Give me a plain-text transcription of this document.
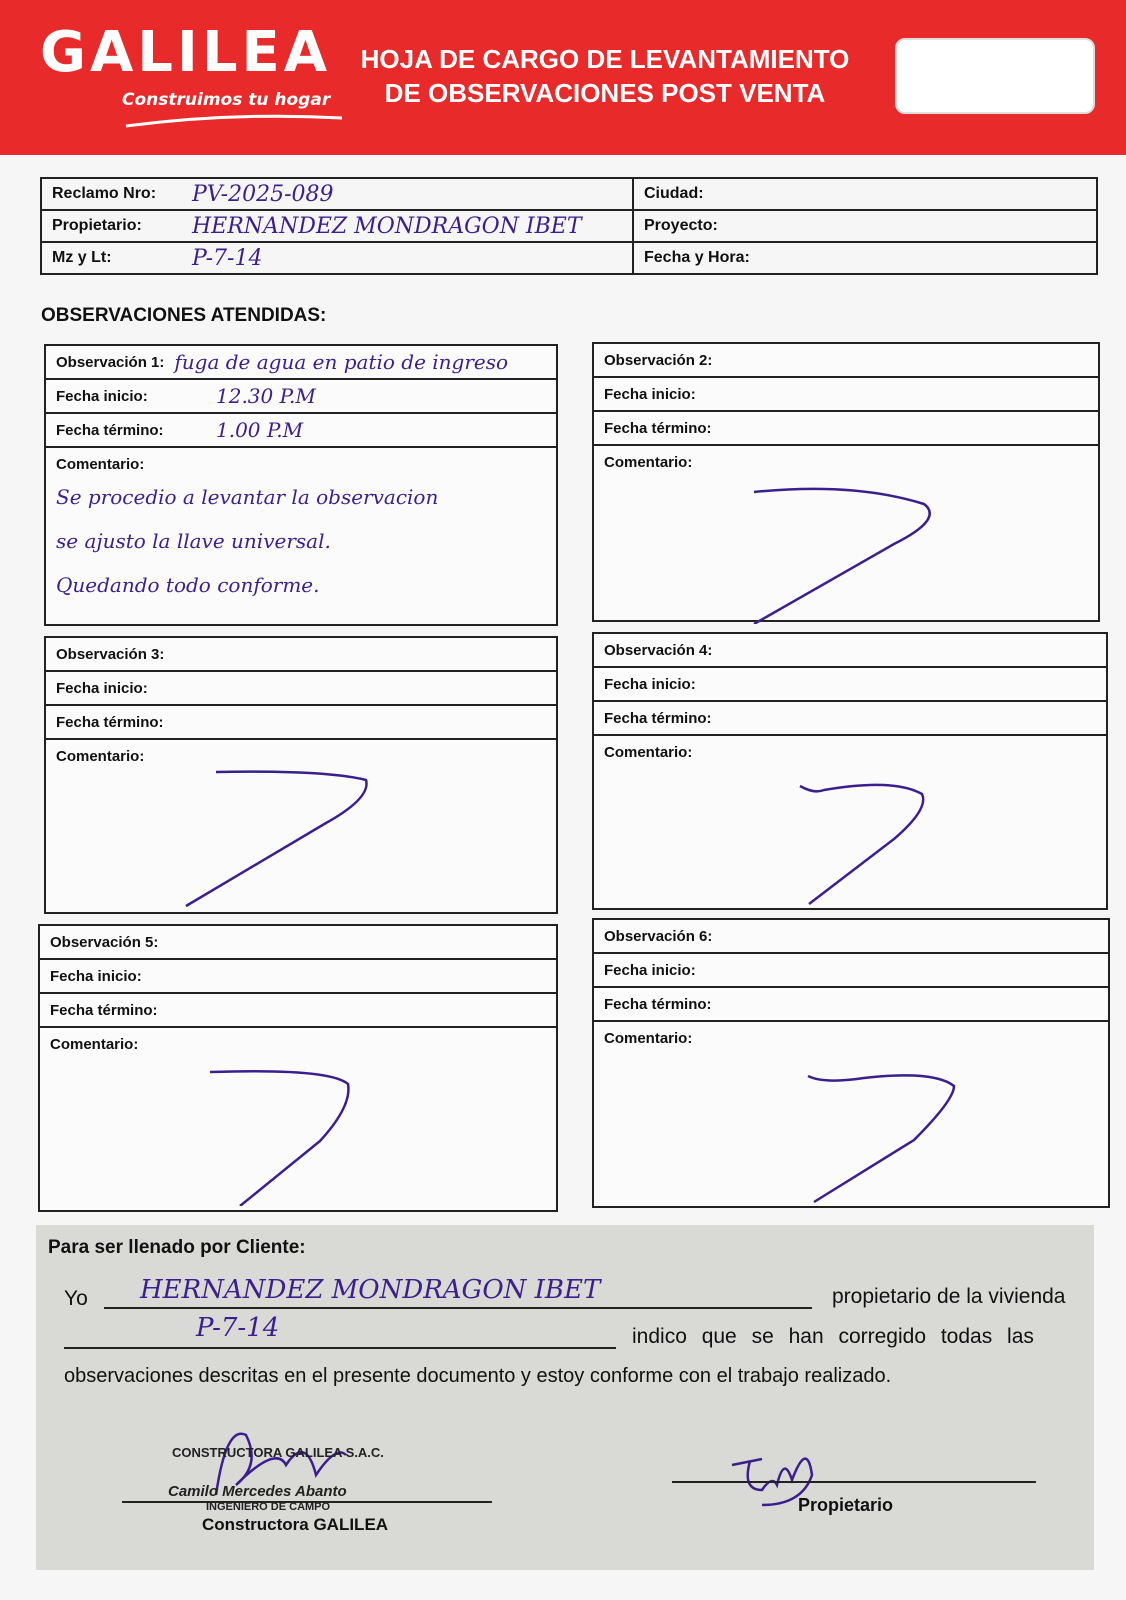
GALILEA
Construimos tu hogar
HOJA DE CARGO DE LEVANTAMIENTO
DE OBSERVACIONES POST VENTA
Reclamo Nro:	PV-2025-089	Ciudad:
Propietario:	HERNANDEZ MONDRAGON IBET	Proyecto:
Mz y Lt:	P-7-14	Fecha y Hora:
OBSERVACIONES ATENDIDAS:
Observación 1: fuga de agua en patio de ingreso
Fecha inicio:	12.30 P.M
Fecha término:	1.00 P.M
Comentario:
Se procedio a levantar la observacion
se ajusto la llave universal.
Quedando todo conforme.
Observación 2:
Fecha inicio:
Fecha término:
Comentario:
Observación 3:
Fecha inicio:
Fecha término:
Comentario:
Observación 4:
Fecha inicio:
Fecha término:
Comentario:
Observación 5:
Fecha inicio:
Fecha término:
Comentario:
Observación 6:
Fecha inicio:
Fecha término:
Comentario:
Para ser llenado por Cliente:
Yo HERNANDEZ MONDRAGON IBET	propietario de la vivienda
P-7-14	indico que se han corregido todas las
observaciones descritas en el presente documento y estoy conforme con el trabajo realizado.
CONSTRUCTORA GALILEA S.A.C.
Camilo Mercedes Abanto
INGENIERO DE CAMPO
Constructora GALILEA
Propietario
